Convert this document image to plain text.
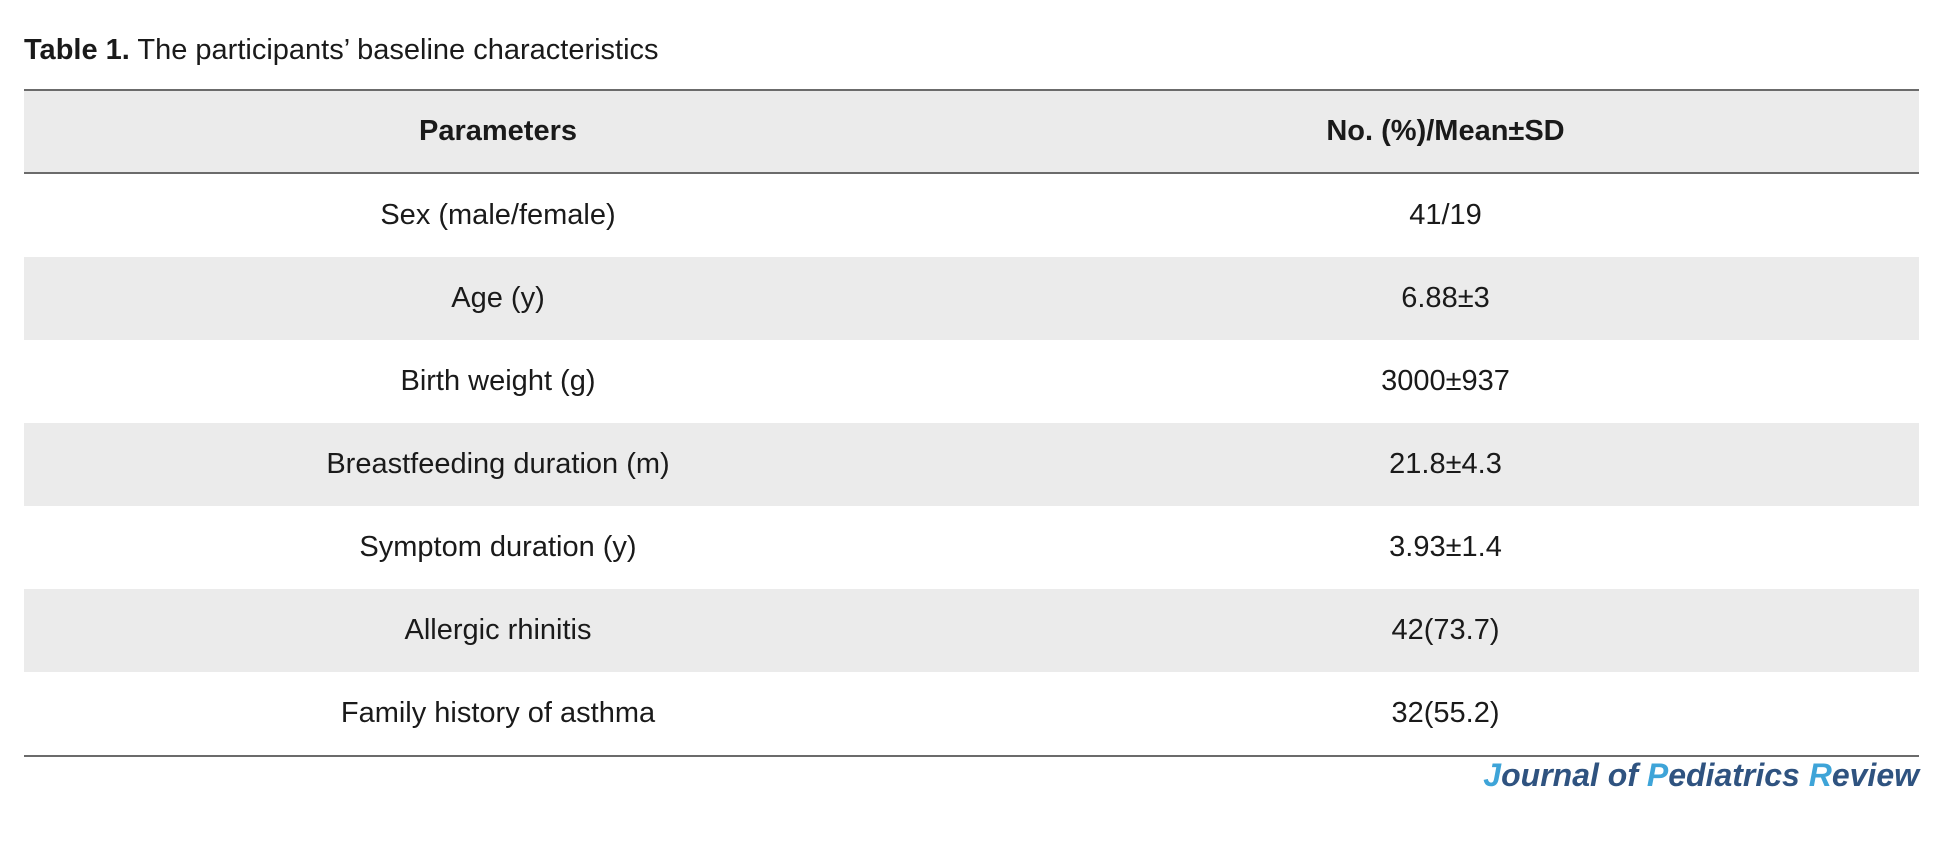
Table 1. The participants’ baseline characteristics
Parameters	No. (%)/Mean±SD
Sex (male/female)	41/19
Age (y)	6.88±3
Birth weight (g)	3000±937
Breastfeeding duration (m)	21.8±4.3
Symptom duration (y)	3.93±1.4
Allergic rhinitis	42(73.7)
Family history of asthma	32(55.2)
Journal of Pediatrics Review
